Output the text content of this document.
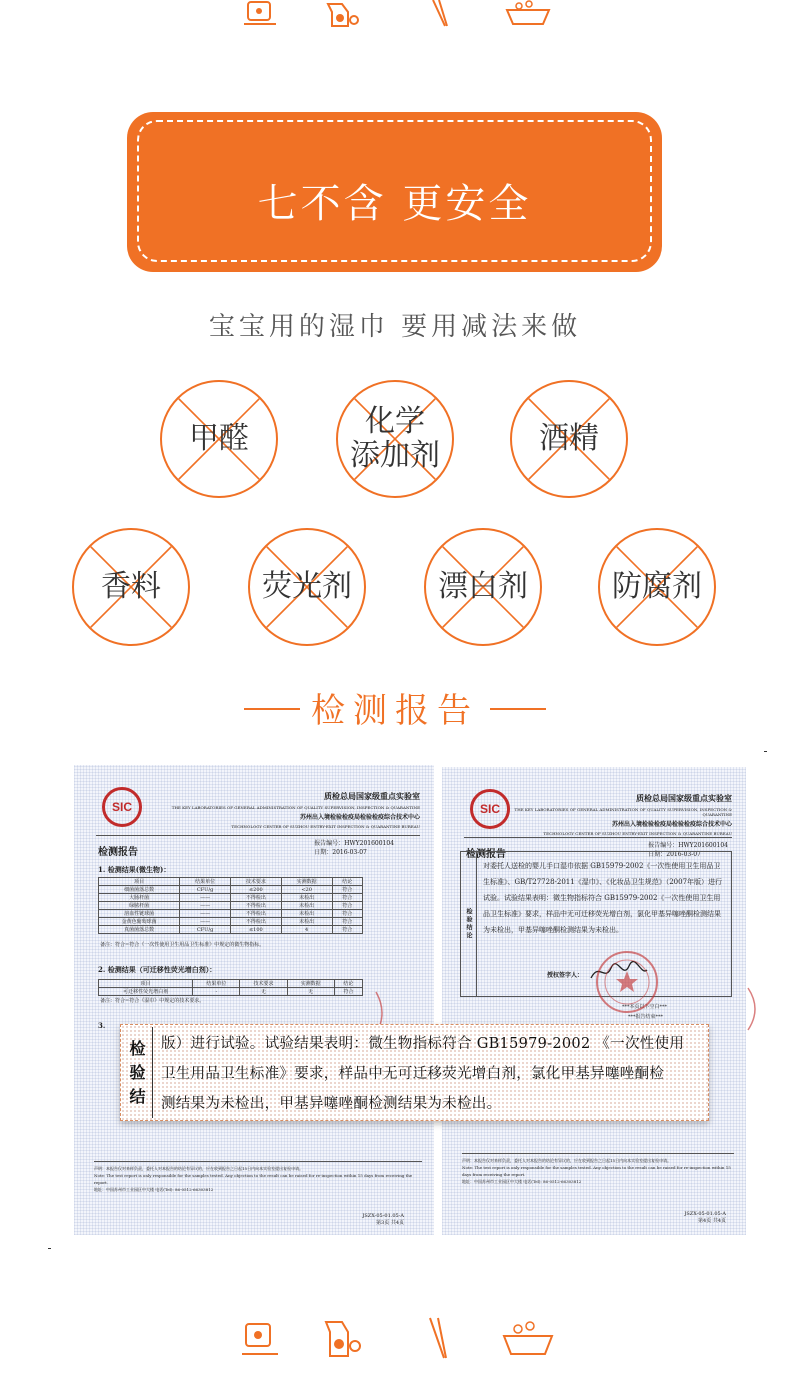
七不含 更安全
宝宝用的湿巾 要用减法来做
甲醛	化学
添加剂	酒精
香料	荧光剂	漂白剂	防腐剂
检测报告
SIC
质检总局国家级重点实验室
THE KEY LABORATORIES OF GENERAL ADMINISTRATION OF QUALITY SUPERVISION, INSPECTION & QUARANTINE
苏州出入境检验检疫局检验检疫综合技术中心
TECHNOLOGY CENTER OF SUZHOU ENTRY-EXIT INSPECTION & QUARANTINE BUREAU
检测报告
报告编号：HWY201600104
日期：2016-03-07
1. 检测结果(微生物)：
项目	结果单位	技术要求	实测数据	结论
细菌菌落总数	CFU/g	≤200	<20	符合
大肠杆菌	——	不得检出	未检出	符合
绿脓杆菌	——	不得检出	未检出	符合
溶血性链球菌	——	不得检出	未检出	符合
金黄色葡萄球菌	——	不得检出	未检出	符合
真菌菌落总数	CFU/g	≤100	4	符合
备注：符合=符合《一次性使用卫生用品卫生标准》中规定的微生物指标。
2. 检测结果（可迁移性荧光增白剂）：
项目	结果单位	技术要求	实测数据	结论
可迁移性荧光增白剂	-	无	无	符合
备注：符合=符合《湿巾》中规定的技术要求。
3.
声明：本报告仅对来样负责，委托人对本报告的结论有异议的，应在收到报告之日起15日内向本实验室提出复检申请。
Note: The test report is only responsible for the samples tested. Any objection to the result can be raised for re-inspection within 15 days from receiving the report.
地址：中国苏州市工业园区中大楼 电话(Tel): 86-0512-66303812
JSZX-05-01.05-A
第3页 共4页
SIC
质检总局国家级重点实验室
THE KEY LABORATORIES OF GENERAL ADMINISTRATION OF QUALITY SUPERVISION, INSPECTION & QUARANTINE
苏州出入境检验检疫局检验检疫综合技术中心
TECHNOLOGY CENTER OF SUZHOU ENTRY-EXIT INSPECTION & QUARANTINE BUREAU
检测报告
报告编号：HWY201600104
日期：2016-03-07
检验结论
对委托人送检的婴儿手口湿巾依据 GB15979-2002《一次性使用卫生用品卫生标准》、GB/T27728-2011《湿巾》、《化妆品卫生规范》（2007年版）进行试验。试验结果表明：微生物指标符合 GB15979-2002《一次性使用卫生用品卫生标准》要求，样品中无可迁移荧光增白剂，氯化甲基异噻唑酮检测结果为未检出，甲基异噻唑酮检测结果为未检出。
授权签字人：
***本页以下空白***
***报告结束***
声明：本报告仅对来样负责，委托人对本报告的结论有异议的，应在收到报告之日起15日内向本实验室提出复检申请。
Note: The test report is only responsible for the samples tested. Any objection to the result can be raised for re-inspection within 15 days from receiving the report.
地址：中国苏州市工业园区中大楼 电话(Tel): 86-0512-66303812
JSZX-05-01.05-A
第4页 共4页
检
验
结
版）进行试验。试验结果表明：微生物指标符合 GB15979-2002 《一次性使用
卫生用品卫生标准》要求，样品中无可迁移荧光增白剂，氯化甲基异噻唑酮检
测结果为未检出，甲基异噻唑酮检测结果为未检出。
